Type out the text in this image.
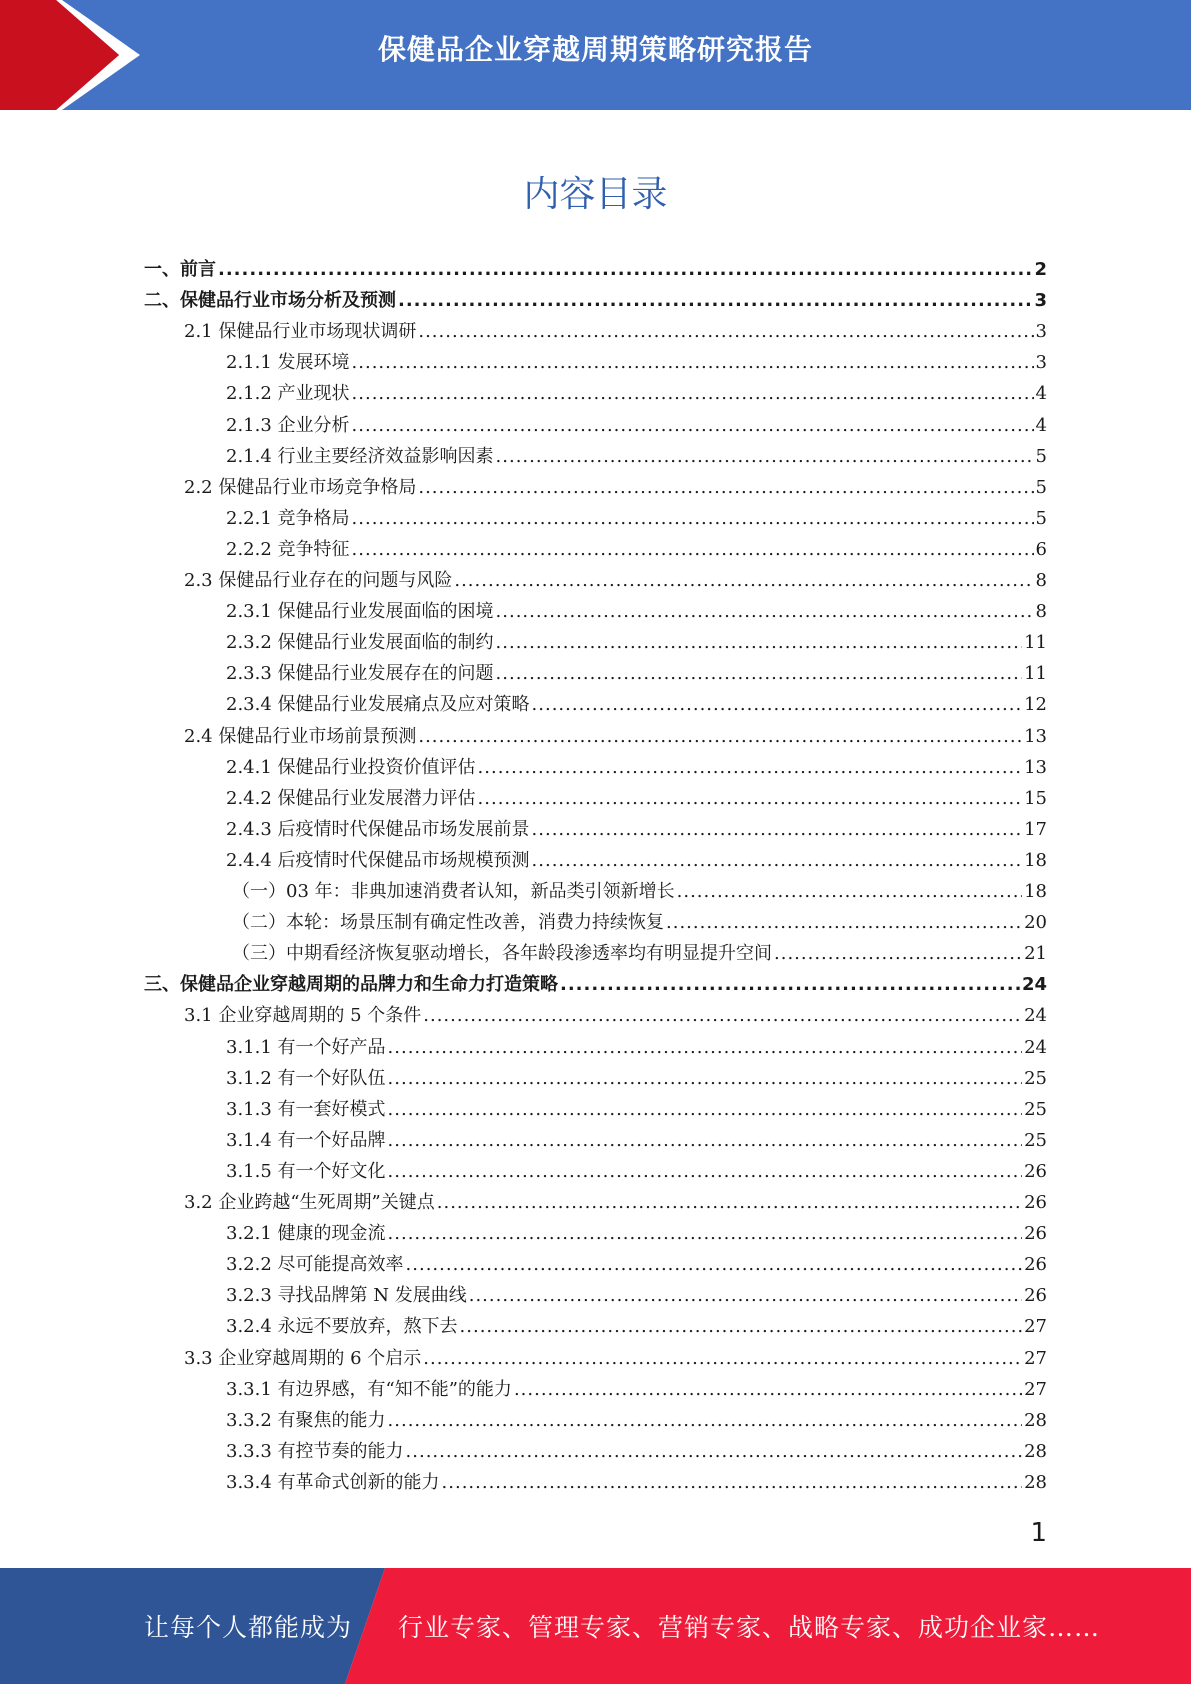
保健品企业穿越周期策略研究报告
内容目录
一、前言 .....	2
二、保健品行业市场分析及预测 .....	3
2.1 保健品行业市场现状调研 .....	3
2.1.1 发展环境 .....	3
2.1.2 产业现状 .....	4
2.1.3 企业分析 .....	4
2.1.4 行业主要经济效益影响因素 .....	5
2.2 保健品行业市场竞争格局 .....	5
2.2.1 竞争格局 .....	5
2.2.2 竞争特征 .....	6
2.3 保健品行业存在的问题与风险 .....	8
2.3.1 保健品行业发展面临的困境 .....	8
2.3.2 保健品行业发展面临的制约 .....	11
2.3.3 保健品行业发展存在的问题 .....	11
2.3.4 保健品行业发展痛点及应对策略 .....	12
2.4 保健品行业市场前景预测 .....	13
2.4.1 保健品行业投资价值评估 .....	13
2.4.2 保健品行业发展潜力评估 .....	15
2.4.3 后疫情时代保健品市场发展前景 .....	17
2.4.4 后疫情时代保健品市场规模预测 .....	18
（一）03 年：非典加速消费者认知，新品类引领新增长 .....	18
（二）本轮：场景压制有确定性改善，消费力持续恢复 .....	20
（三）中期看经济恢复驱动增长，各年龄段渗透率均有明显提升空间 .....	21
三、保健品企业穿越周期的品牌力和生命力打造策略 .....	24
3.1 企业穿越周期的 5 个条件 .....	24
3.1.1 有一个好产品 .....	24
3.1.2 有一个好队伍 .....	25
3.1.3 有一套好模式 .....	25
3.1.4 有一个好品牌 .....	25
3.1.5 有一个好文化 .....	26
3.2 企业跨越“生死周期”关键点 .....	26
3.2.1 健康的现金流 .....	26
3.2.2 尽可能提高效率 .....	26
3.2.3 寻找品牌第 N 发展曲线 .....	26
3.2.4 永远不要放弃，熬下去 .....	27
3.3 企业穿越周期的 6 个启示 .....	27
3.3.1 有边界感，有“知不能”的能力 .....	27
3.3.2 有聚焦的能力 .....	28
3.3.3 有控节奏的能力 .....	28
3.3.4 有革命式创新的能力 .....	28
1
让每个人都能成为 行业专家、管理专家、营销专家、战略专家、成功企业家……
